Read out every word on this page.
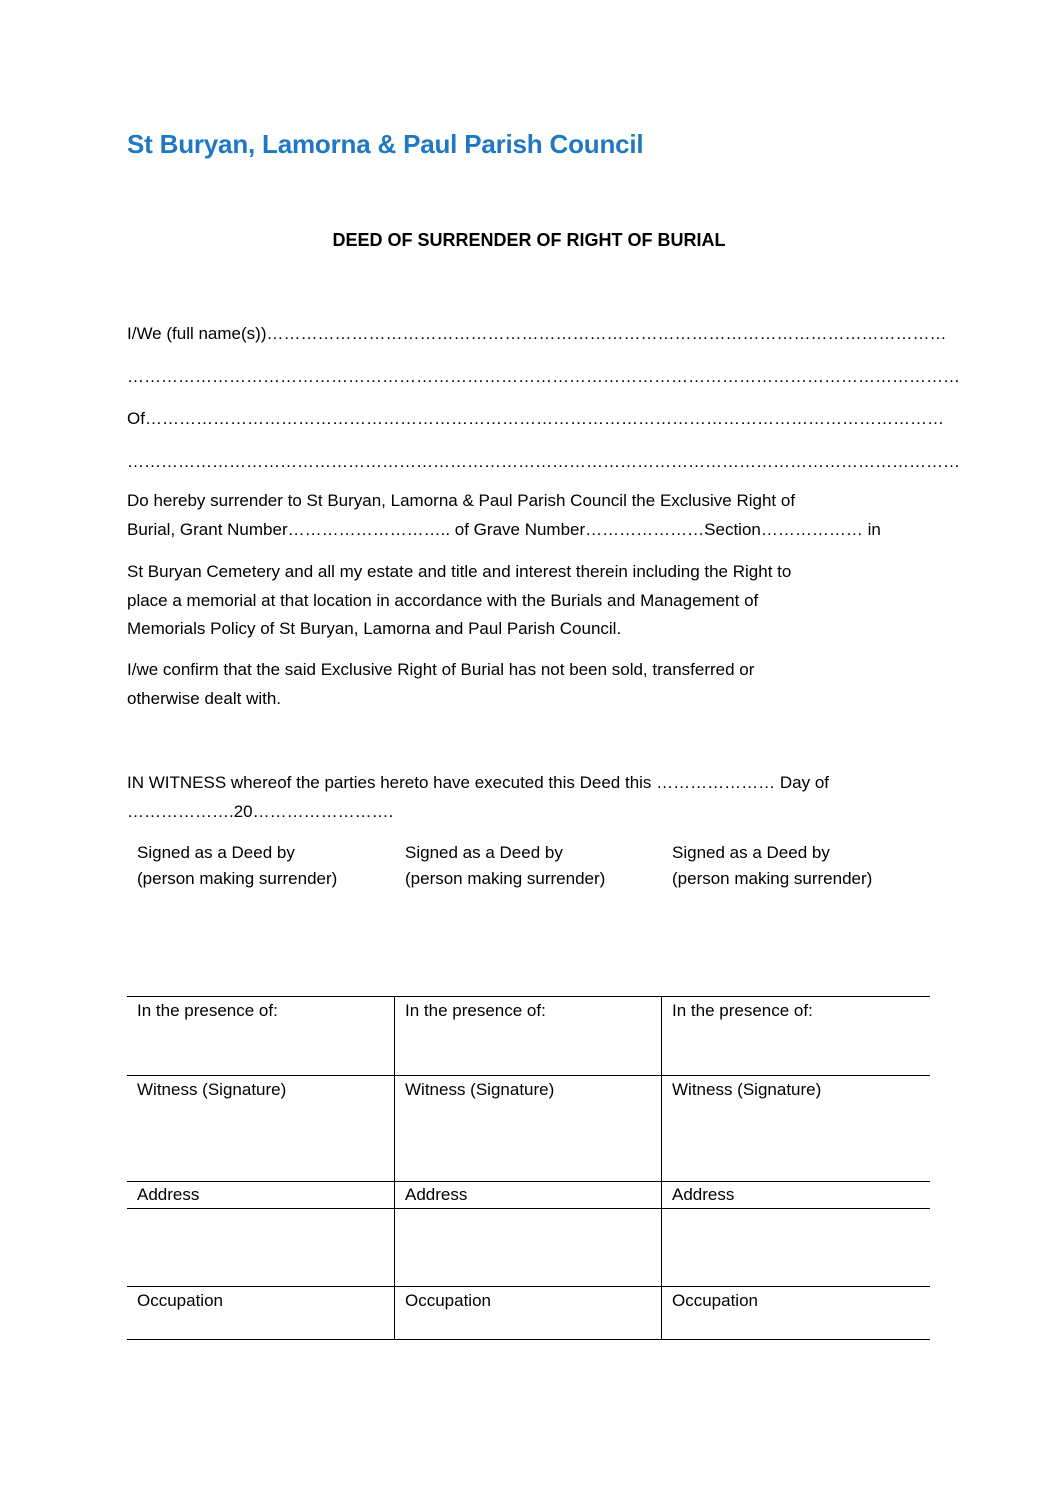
St Buryan, Lamorna & Paul Parish Council
DEED OF SURRENDER OF RIGHT OF BURIAL
I/We (full name(s))…………………………………………………………………………………………………………
…………………………………………………………………………………………………………………………………
Of……………………………………………………………………………………………………………………………
…………………………………………………………………………………………………………………………………
Do hereby surrender to St Buryan, Lamorna & Paul Parish Council the Exclusive Right of
Burial, Grant Number……………………….. of Grave Number…………………Section……………… in
St Buryan Cemetery and all my estate and title and interest therein including the Right to
place a memorial at that location in accordance with the Burials and Management of
Memorials Policy of St Buryan, Lamorna and Paul Parish Council.
I/we confirm that the said Exclusive Right of Burial has not been sold, transferred or
otherwise dealt with.
IN WITNESS whereof the parties hereto have executed this Deed this ………………… Day of
……………….20…………………….
Signed as a Deed by
(person making surrender)
Signed as a Deed by
(person making surrender)
Signed as a Deed by
(person making surrender)
In the presence of:	In the presence of:	In the presence of:
Witness (Signature)	Witness (Signature)	Witness (Signature)
Address	Address	Address
Occupation	Occupation	Occupation
